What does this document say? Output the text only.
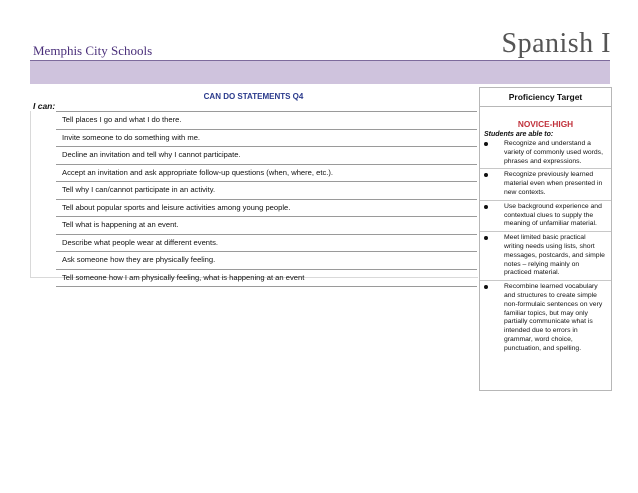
Memphis City Schools	Spanish I
CAN DO STATEMENTS Q4
I can:
Tell places I go and what I do there.
Invite someone to do something with me.
Decline an invitation and tell why I cannot participate.
Accept an invitation and ask appropriate follow-up questions (when, where, etc.).
Tell why I can/cannot participate in an activity.
Tell about popular sports and leisure activities among young people.
Tell what is happening at an event.
Describe what people wear at different events.
Ask someone how they are physically feeling.
Tell someone how I am physically feeling, what is happening at an event
Proficiency Target
NOVICE-HIGH
Students are able to:
Recognize and understand a variety of commonly used words, phrases and expressions.
Recognize previously learned material even when presented in new contexts.
Use background experience and contextual clues to supply the meaning of unfamiliar material.
Meet limited basic practical writing needs using lists, short messages, postcards, and simple notes – relying mainly on practiced material.
Recombine learned vocabulary and structures to create simple non-formulaic sentences on very familiar topics, but may only partially communicate what is intended due to errors in grammar, word choice, punctuation, and spelling.
